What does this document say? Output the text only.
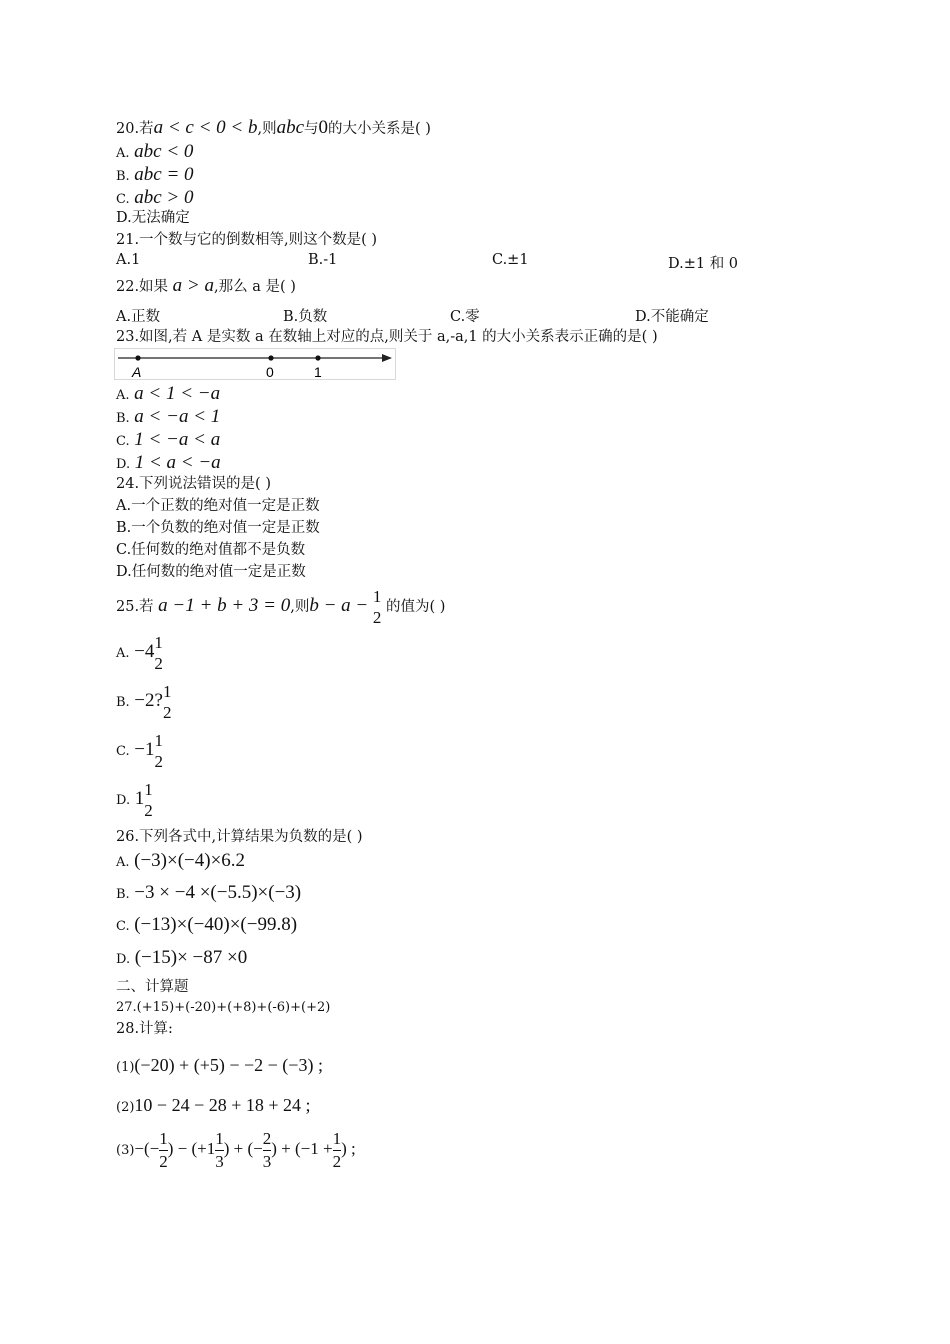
20.若a < c < 0 < b,则abc与0的大小关系是( )
A. abc < 0
B. abc = 0
C. abc > 0
D.无法确定
21.一个数与它的倒数相等,则这个数是( )
A.1	B.-1	C.±1	D.±1 和 0
22.如果 a > a,那么 a 是( )
A.正数	B.负数	C.零	D.不能确定
23.如图,若 A 是实数 a 在数轴上对应的点,则关于 a,-a,1 的大小关系表示正确的是( )
A	0	1
A. a < 1 < −a
B. a < −a < 1
C. 1 < −a < a
D. 1 < a < −a
24.下列说法错误的是( )
A.一个正数的绝对值一定是正数
B.一个负数的绝对值一定是正数
C.任何数的绝对值都不是负数
D.任何数的绝对值一定是正数
25.若 a −1 + b + 3 = 0,则b − a − 1
2
的值为( )
A. −4 1
2
B. −2? 1
2
C. −1 1
2
D. 1 1
2
26.下列各式中,计算结果为负数的是( )
A. (−3)×(−4)×6.2
B. −3 × −4 ×(−5.5)×(−3)
C. (−13)×(−40)×(−99.8)
D. (−15)× −87 ×0
二、计算题
27.(+15)+(-20)+(+8)+(-6)+(+2)
28.计算:
(1)(−20) + (+5) − −2 − (−3) ;
(2)10 − 24 − 28 + 18 + 24 ;
$(3)-(- \frac{1}{2}$ ) − ($+1 \frac{1}{3}$ ) + (− $\frac{2}{3}$ ) + ($-1 + \frac{1}{2}$ ) ;
